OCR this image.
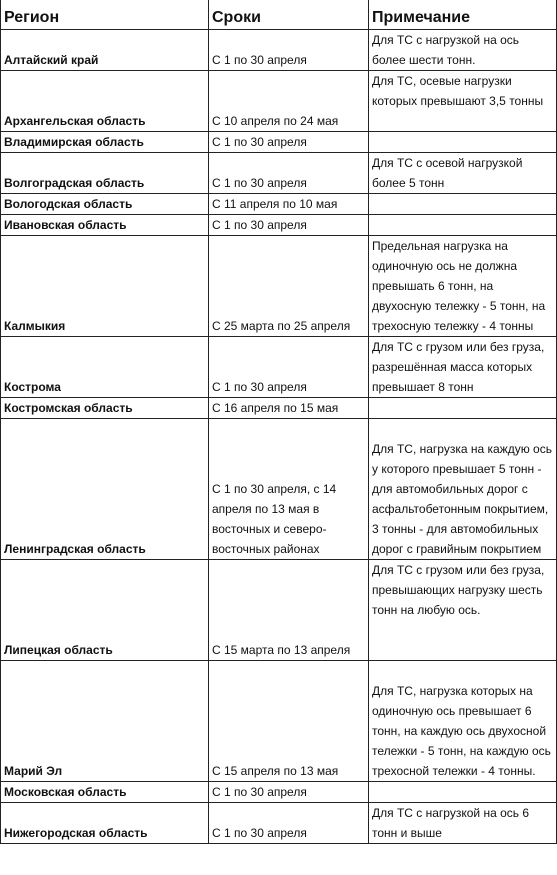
Регион	Сроки	Примечание
Алтайский край	С 1 по 30 апреля	Для ТС с нагрузкой на ось более шести тонн.
Архангельская область	С 10 апреля по 24 мая	Для ТС, осевые нагрузки которых превышают 3,5 тонны
Владимирская область	С 1 по 30 апреля	
Волгоградская область	С 1 по 30 апреля	Для ТС с осевой нагрузкой более 5 тонн
Вологодская область	С 11 апреля по 10 мая	
Ивановская область	С 1 по 30 апреля	
Калмыкия	С 25 марта по 25 апреля	Предельная нагрузка на одиночную ось не должна превышать 6 тонн, на двухосную тележку - 5 тонн, на трехосную тележку - 4 тонны
Кострома	С 1 по 30 апреля	Для ТС с грузом или без груза, разрешённая масса которых превышает 8 тонн
Костромская область	С 16 апреля по 15 мая	
Ленинградская область	С 1 по 30 апреля, с 14 апреля по 13 мая в восточных и северо-восточных районах	Для ТС, нагрузка на каждую ось у которого превышает 5 тонн - для автомобильных дорог с асфальтобетонным покрытием, 3 тонны - для автомобильных дорог с гравийным покрытием
Липецкая область	С 15 марта по 13 апреля	Для ТС с грузом или без груза, превышающих нагрузку шесть тонн на любую ось.
Марий Эл	С 15 апреля по 13 мая	Для ТС, нагрузка которых на одиночную ось превышает 6 тонн, на каждую ось двухосной тележки - 5 тонн, на каждую ось трехосной тележки - 4 тонны.
Московская область	С 1 по 30 апреля	
Нижегородская область	С 1 по 30 апреля	Для ТС с нагрузкой на ось 6 тонн и выше
